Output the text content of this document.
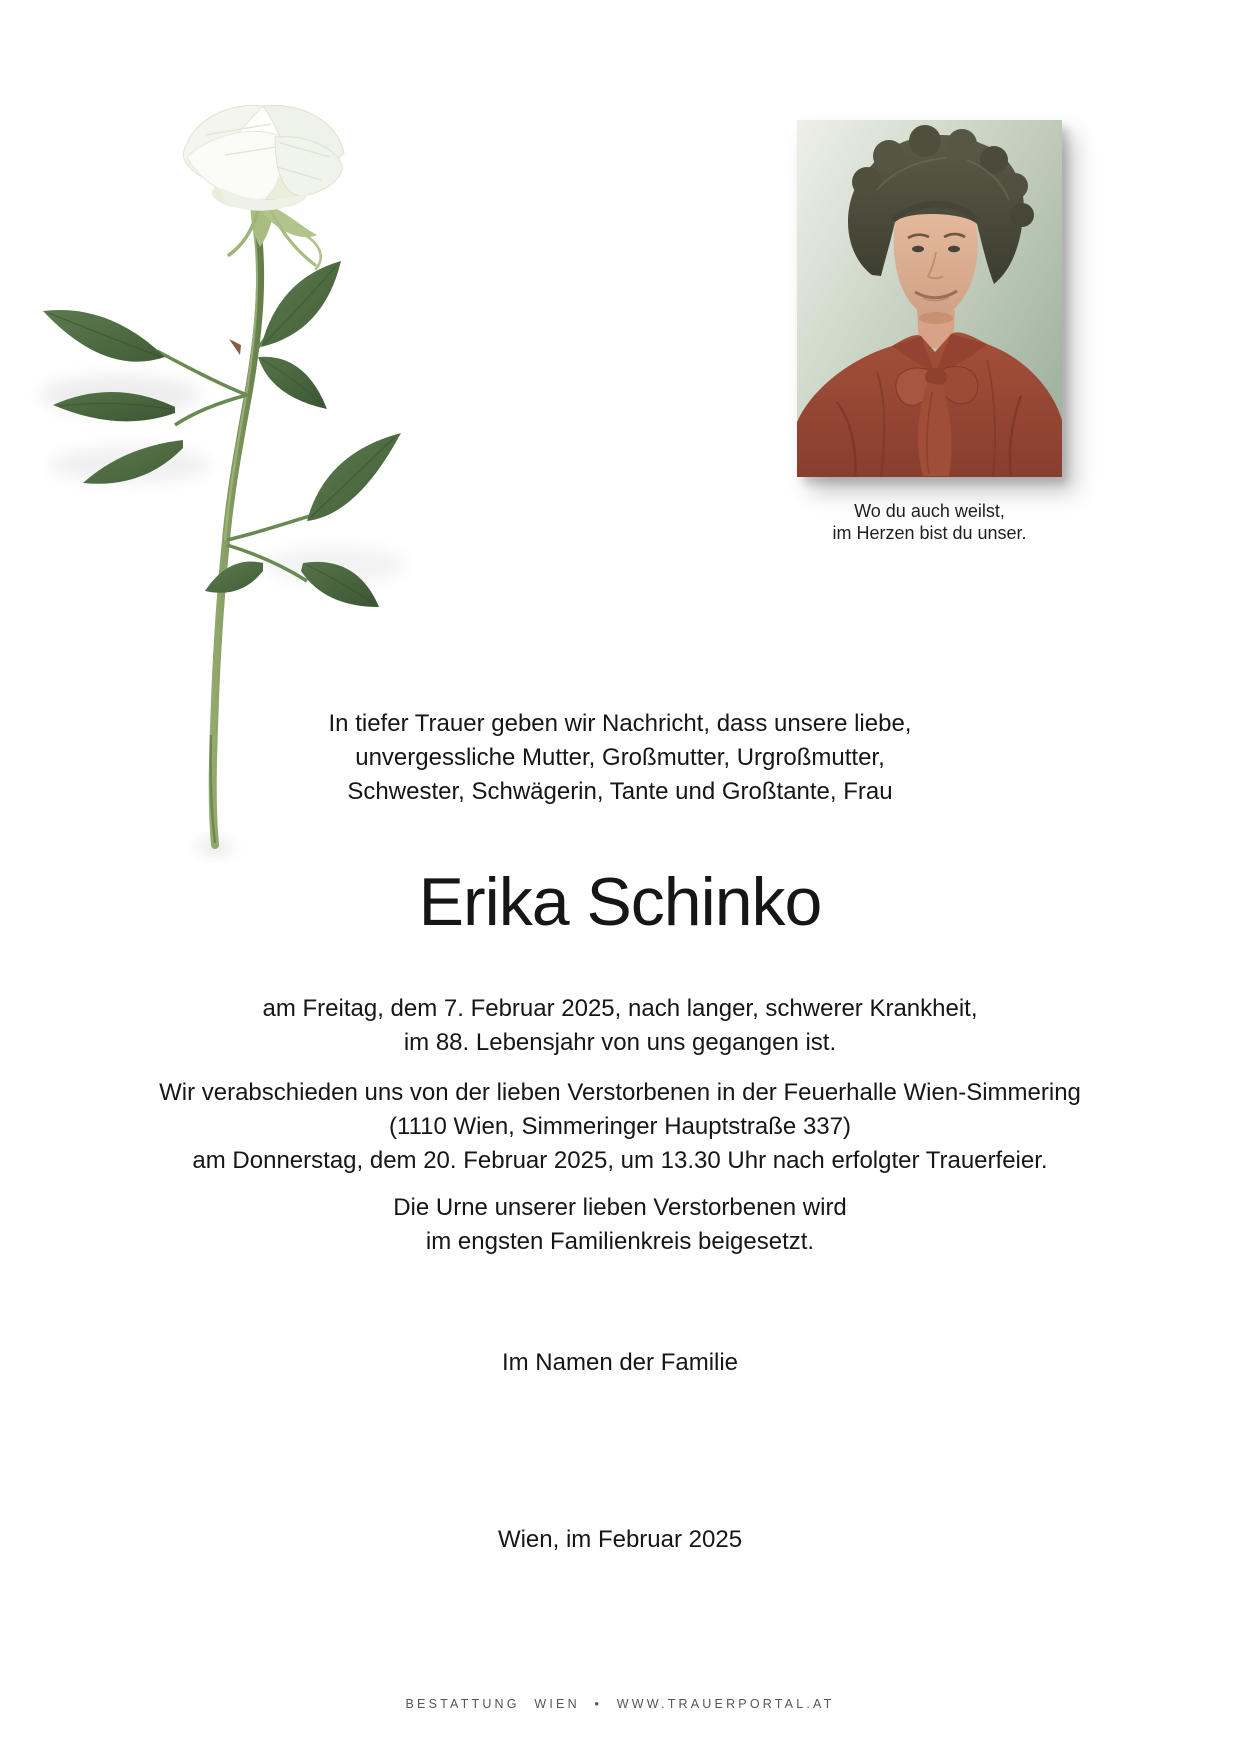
Wo du auch weilst,
im Herzen bist du unser.
In tiefer Trauer geben wir Nachricht, dass unsere liebe,
unvergessliche Mutter, Großmutter, Urgroßmutter,
Schwester, Schwägerin, Tante und Großtante, Frau
Erika Schinko
am Freitag, dem 7. Februar 2025, nach langer, schwerer Krankheit,
im 88. Lebensjahr von uns gegangen ist.
Wir verabschieden uns von der lieben Verstorbenen in der Feuerhalle Wien-Simmering
(1110 Wien, Simmeringer Hauptstraße 337)
am Donnerstag, dem 20. Februar 2025, um 13.30 Uhr nach erfolgter Trauerfeier.
Die Urne unserer lieben Verstorbenen wird
im engsten Familienkreis beigesetzt.
Im Namen der Familie
Wien, im Februar 2025
BESTATTUNG WIEN • WWW.TRAUERPORTAL.AT
